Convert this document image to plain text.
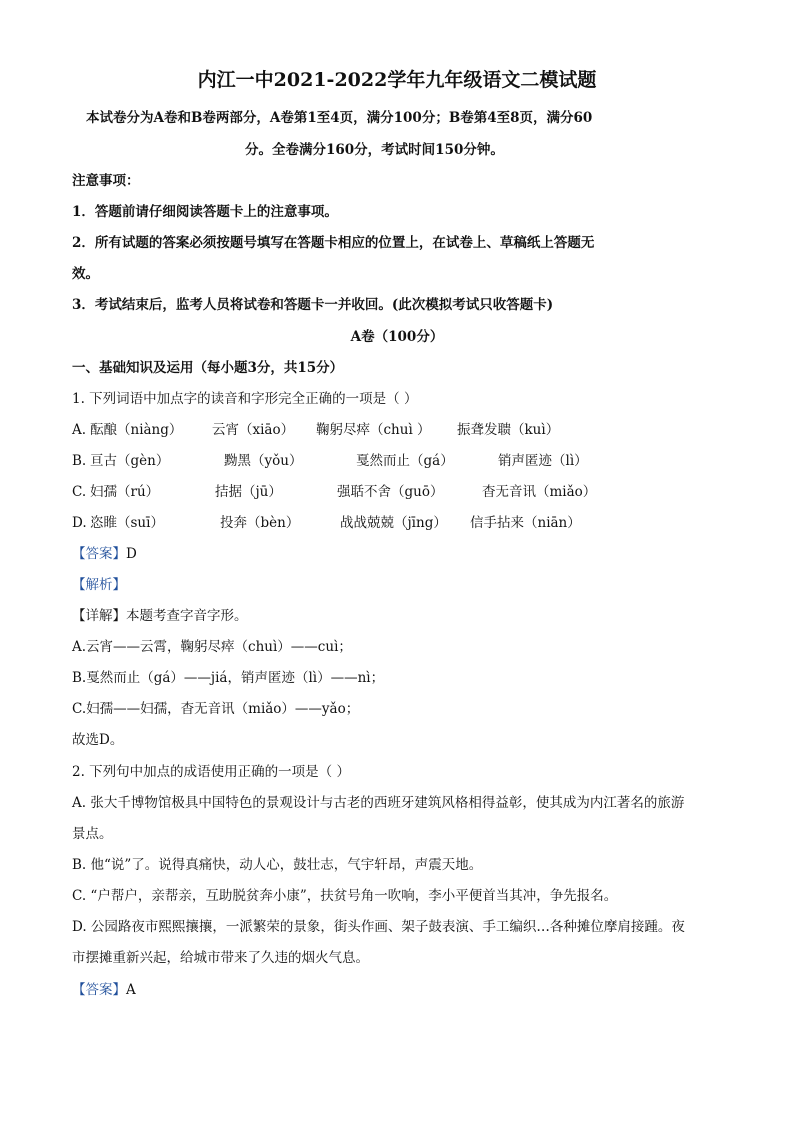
内江一中2021-2022学年九年级语文二模试题
本试卷分为A卷和B卷两部分，A卷第1至4页，满分100分；B卷第4至8页，满分60
分。全卷满分160分，考试时间150分钟。
注意事项：
1．答题前请仔细阅读答题卡上的注意事项。
2．所有试题的答案必须按题号填写在答题卡相应的位置上，在试卷上、草稿纸上答题无
效。
3．考试结束后，监考人员将试卷和答题卡一并收回。(此次模拟考试只收答题卡)
A卷（100分）
一、基础知识及运用（每小题3分，共15分）
1. 下列词语中加点字的读音和字形完全正确的一项是（ ）
A. 酝酿（niàng） 云宵（xiāo） 鞠躬尽瘁（chuì ） 振聋发聩（kuì）
B. 亘古（gèn）	黝黑（yǒu）	戛然而止（gá）	销声匿迹（lì）
C. 妇孺（rú）	拮据（jū）	强聒不舍（guō）	杳无音讯（miǎo）
D. 恣睢（suī）	投奔（bèn）	战战兢兢（jīng） 信手拈来（niān）
【答案】D
【解析】
【详解】本题考查字音字形。
A.云宵——云霄，鞠躬尽瘁（chuì）——cuì；
B.戛然而止（gá）——jiá，销声匿迹（lì）——nì；
C.妇孺——妇孺，杳无音讯（miǎo）——yǎo；
故选D。
2. 下列句中加点的成语使用正确的一项是（ ）
A. 张大千博物馆极具中国特色的景观设计与古老的西班牙建筑风格相得益彰，使其成为内江著名的旅游
景点。
B. 他“说”了。说得真痛快，动人心，鼓壮志，气宇轩昂，声震天地。
C. “户帮户，亲帮亲，互助脱贫奔小康”，扶贫号角一吹响，李小平便首当其冲，争先报名。
D. 公园路夜市熙熙攘攘，一派繁荣的景象，街头作画、架子鼓表演、手工编织…各种摊位摩肩接踵。夜
市摆摊重新兴起，给城市带来了久违的烟火气息。
【答案】A
